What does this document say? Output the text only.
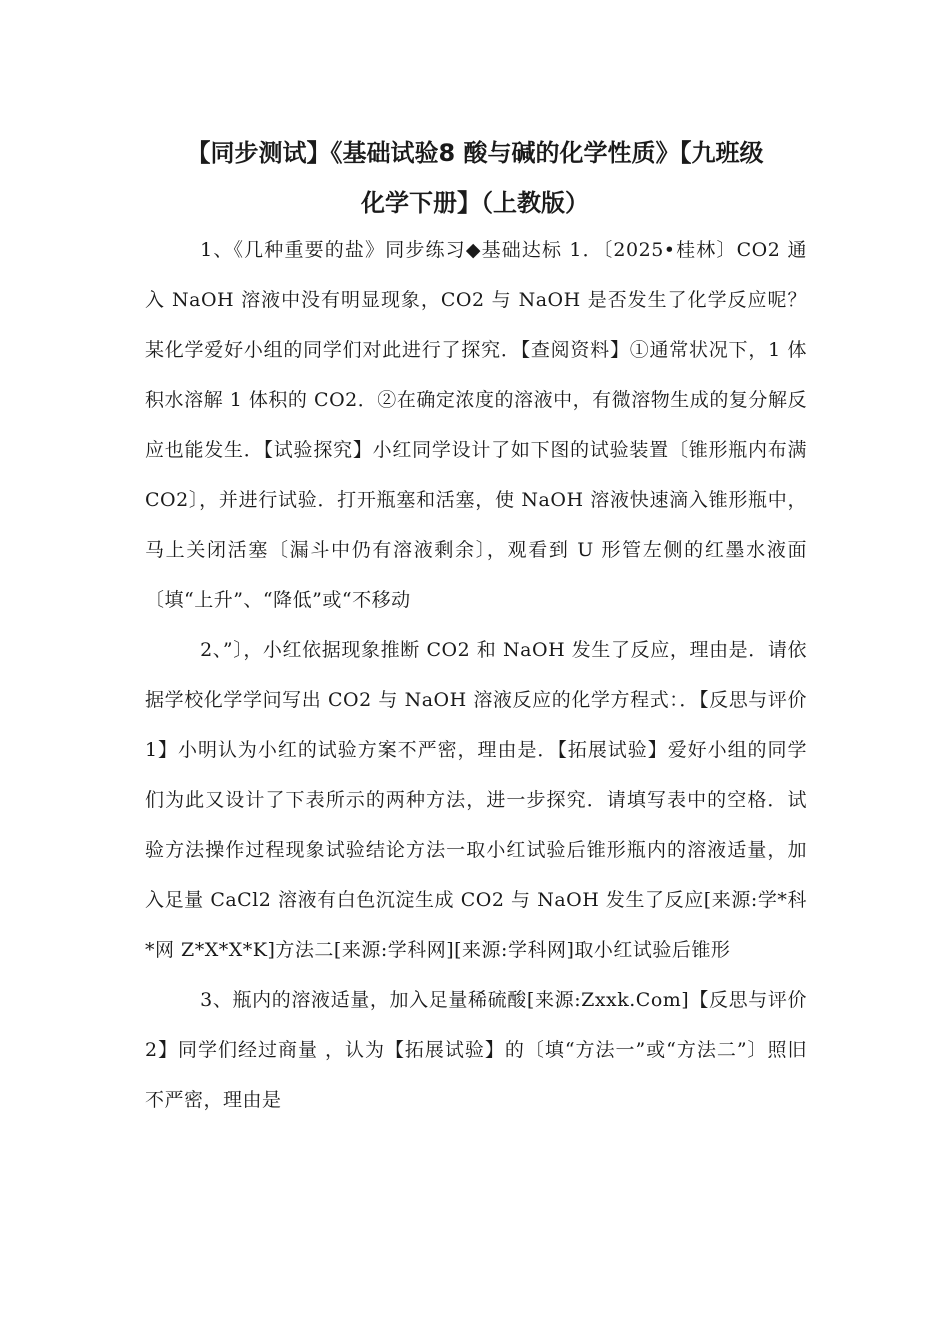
【同步测试】《基础试验8 酸与碱的化学性质》【九班级
化学下册】（上教版）

1、《几种重要的盐》同步练习◆基础达标 1．〔2025•桂林〕CO2 通入 NaOH 溶液中没有明显现象，CO2 与 NaOH 是否发生了化学反应呢？某化学爱好小组的同学们对此进行了探究．【查阅资料】①通常状况下，1 体积水溶解 1 体积的 CO2．②在确定浓度的溶液中，有微溶物生成的复分解反应也能发生．【试验探究】小红同学设计了如下图的试验装置〔锥形瓶内布满 CO2〕，并进行试验．打开瓶塞和活塞，使 NaOH 溶液快速滴入锥形瓶中，马上关闭活塞〔漏斗中仍有溶液剩余〕，观看到 U 形管左侧的红墨水液面〔填“上升”、“降低”或“不移动

2、”〕，小红依据现象推断 CO2 和 NaOH 发生了反应，理由是．请依据学校化学学问写出 CO2 与 NaOH 溶液反应的化学方程式：．【反思与评价 1】小明认为小红的试验方案不严密，理由是．【拓展试验】爱好小组的同学们为此又设计了下表所示的两种方法，进一步探究．请填写表中的空格．试验方法操作过程现象试验结论方法一取小红试验后锥形瓶内的溶液适量，加入足量 CaCl2 溶液有白色沉淀生成 CO2 与 NaOH 发生了反应[来源:学*科*网 Z*X*X*K]方法二[来源:学科网][来源:学科网]取小红试验后锥形

3、瓶内的溶液适量，加入足量稀硫酸[来源:Zxxk.Com]【反思与评价 2】同学们经过商量 ，认为【拓展试验】的〔填“方法一”或“方法二”〕照旧不严密，理由是
